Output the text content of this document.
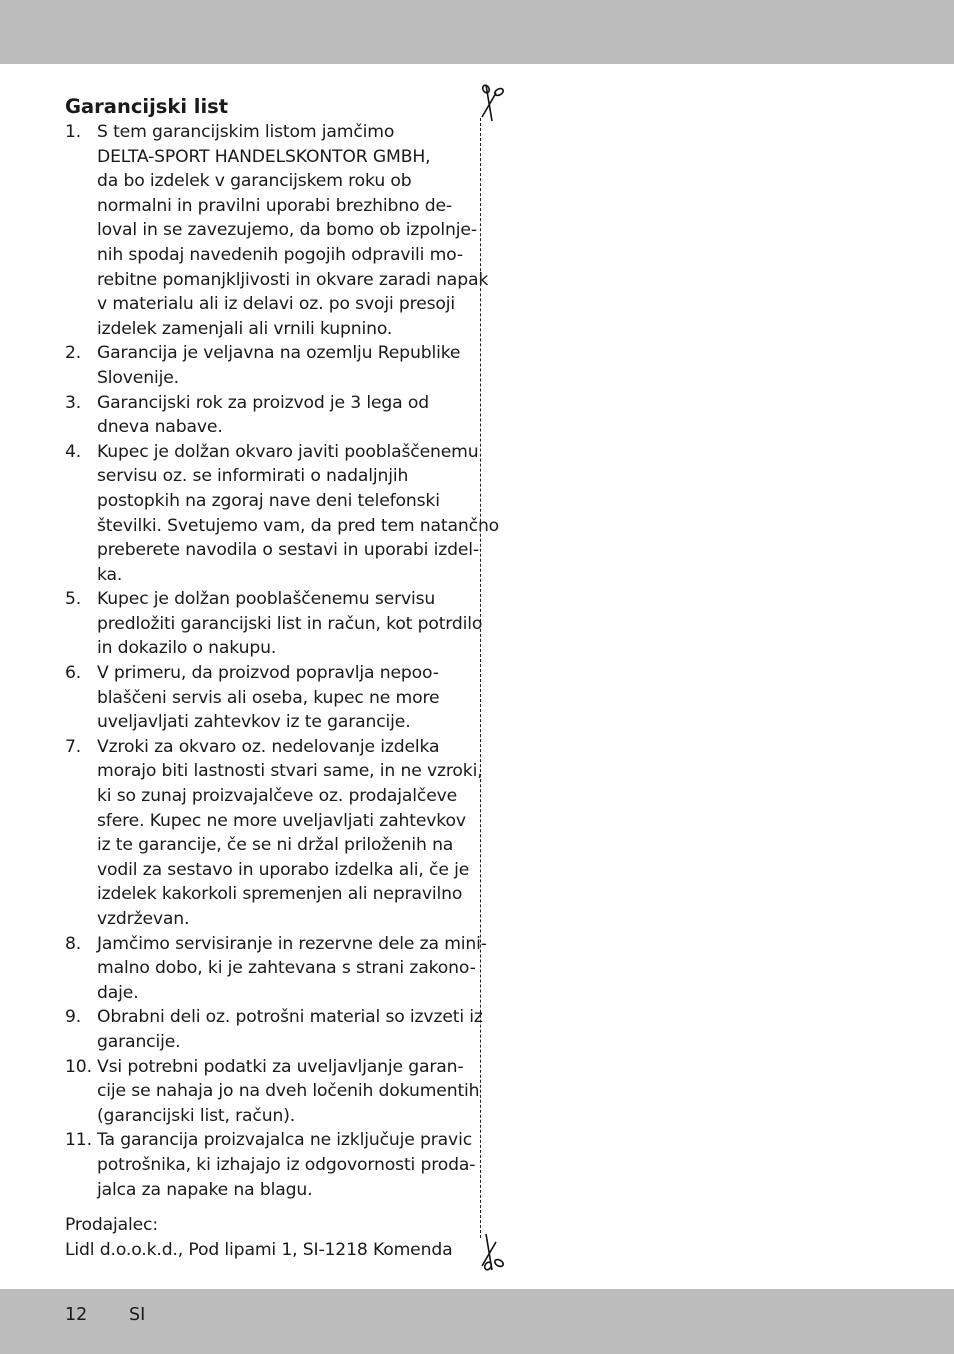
Garancijski list
1. S tem garancijskim listom jamčimo
DELTA-SPORT HANDELSKONTOR GMBH,
da bo izdelek v garancijskem roku ob
normalni in pravilni uporabi brezhibno de-
loval in se zavezujemo, da bomo ob izpolnje-
nih spodaj navedenih pogojih odpravili mo-
rebitne pomanjkljivosti in okvare zaradi napak
v materialu ali iz delavi oz. po svoji presoji
izdelek zamenjali ali vrnili kupnino.
2. Garancija je veljavna na ozemlju Republike
Slovenije.
3. Garancijski rok za proizvod je 3 lega od
dneva nabave.
4. Kupec je dolžan okvaro javiti pooblaščenemu
servisu oz. se informirati o nadaljnjih
postopkih na zgoraj nave deni telefonski
številki. Svetujemo vam, da pred tem natančno
preberete navodila o sestavi in uporabi izdel-
ka.
5. Kupec je dolžan pooblaščenemu servisu
predložiti garancijski list in račun, kot potrdilo
in dokazilo o nakupu.
6. V primeru, da proizvod popravlja nepoo-
blaščeni servis ali oseba, kupec ne more
uveljavljati zahtevkov iz te garancije.
7. Vzroki za okvaro oz. nedelovanje izdelka
morajo biti lastnosti stvari same, in ne vzroki,
ki so zunaj proizvajalčeve oz. prodajalčeve
sfere. Kupec ne more uveljavljati zahtevkov
iz te garancije, če se ni držal priloženih na
vodil za sestavo in uporabo izdelka ali, če je
izdelek kakorkoli spremenjen ali nepravilno
vzdrževan.
8. Jamčimo servisiranje in rezervne dele za mini-
malno dobo, ki je zahtevana s strani zakono-
daje.
9. Obrabni deli oz. potrošni material so izvzeti iz
garancije.
10. Vsi potrebni podatki za uveljavljanje garan-
cije se nahaja jo na dveh ločenih dokumentih
(garancijski list, račun).
11. Ta garancija proizvajalca ne izključuje pravic
potrošnika, ki izhajajo iz odgovornosti proda-
jalca za napake na blagu.
Prodajalec:
Lidl d.o.o.k.d., Pod lipami 1, SI-1218 Komenda
12 SI
